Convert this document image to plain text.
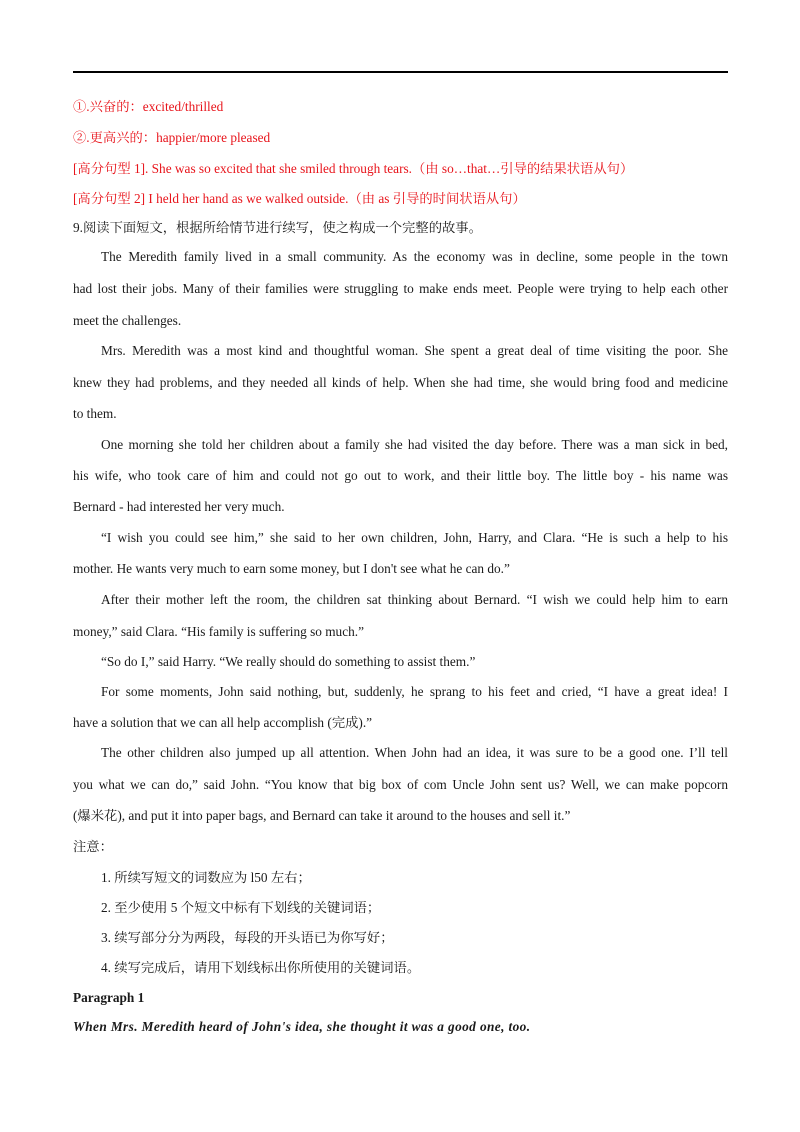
①.兴奋的：excited/thrilled
②.更高兴的：happier/more pleased
[高分句型 1]. She was so excited that she smiled through tears.（由 so…that…引导的结果状语从句）
[高分句型 2] I held her hand as we walked outside.（由 as 引导的时间状语从句）
9.阅读下面短文，根据所给情节进行续写，使之构成一个完整的故事。
The Meredith family lived in a small community. As the economy was in decline, some people in the town
had lost their jobs. Many of their families were struggling to make ends meet. People were trying to help each other
meet the challenges.
Mrs. Meredith was a most kind and thoughtful woman. She spent a great deal of time visiting the poor. She
knew they had problems, and they needed all kinds of help. When she had time, she would bring food and medicine
to them.
One morning she told her children about a family she had visited the day before. There was a man sick in bed,
his wife, who took care of him and could not go out to work, and their little boy. The little boy - his name was
Bernard - had interested her very much.
“I wish you could see him,” she said to her own children, John, Harry, and Clara. “He is such a help to his
mother. He wants very much to earn some money, but I don't see what he can do.”
After their mother left the room, the children sat thinking about Bernard. “I wish we could help him to earn
money,” said Clara. “His family is suffering so much.”
“So do I,” said Harry. “We really should do something to assist them.”
For some moments, John said nothing, but, suddenly, he sprang to his feet and cried, “I have a great idea! I
have a solution that we can all help accomplish (完成).”
The other children also jumped up all attention. When John had an idea, it was sure to be a good one. I’ll tell
you what we can do,” said John. “You know that big box of com Uncle John sent us? Well, we can make popcorn
(爆米花), and put it into paper bags, and Bernard can take it around to the houses and sell it.”
注意：
1. 所续写短文的词数应为 l50 左右；
2. 至少使用 5 个短文中标有下划线的关键词语；
3. 续写部分分为两段，每段的开头语已为你写好；
4. 续写完成后，请用下划线标出你所使用的关键词语。
Paragraph 1
When Mrs. Meredith heard of John's idea, she thought it was a good one, too.
